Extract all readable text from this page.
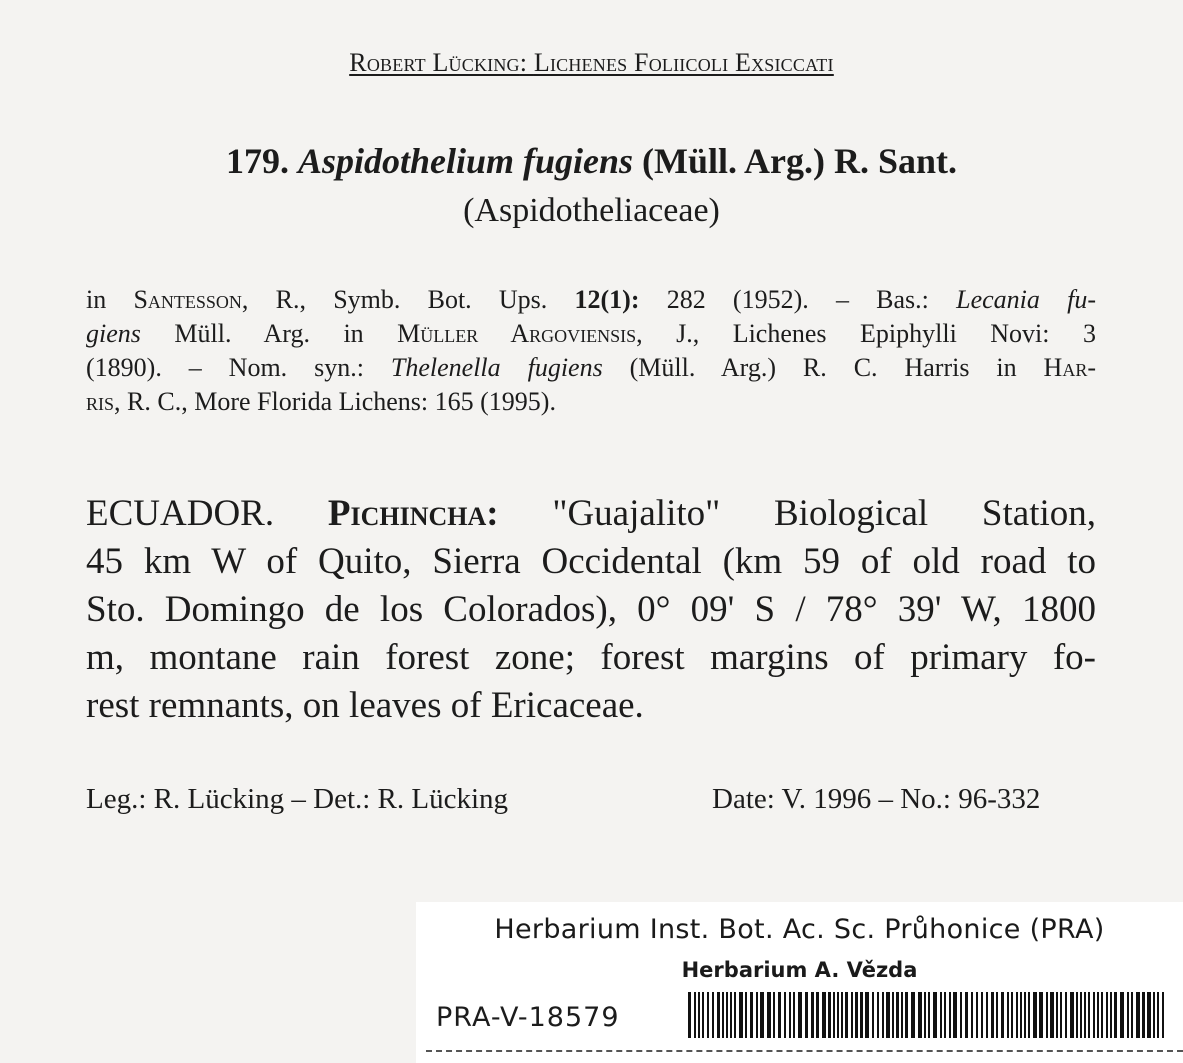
Robert Lücking: Lichenes Foliicoli Exsiccati
179. Aspidothelium fugiens (Müll. Arg.) R. Sant.
(Aspidotheliaceae)
in Santesson, R., Symb. Bot. Ups. 12(1): 282 (1952). – Bas.: Lecania fu-
giens Müll. Arg. in Müller Argoviensis, J., Lichenes Epiphylli Novi: 3
(1890). – Nom. syn.: Thelenella fugiens (Müll. Arg.) R. C. Harris in Har-
ris, R. C., More Florida Lichens: 165 (1995).
ECUADOR. Pichincha: "Guajalito" Biological Station,
45 km W of Quito, Sierra Occidental (km 59 of old road to
Sto. Domingo de los Colorados), 0° 09' S / 78° 39' W, 1800
m, montane rain forest zone; forest margins of primary fo-
rest remnants, on leaves of Ericaceae.
Leg.: R. Lücking – Det.: R. Lücking	Date: V. 1996 – No.: 96-332
Herbarium Inst. Bot. Ac. Sc. Průhonice (PRA)
Herbarium A. Vězda
PRA-V-18579
